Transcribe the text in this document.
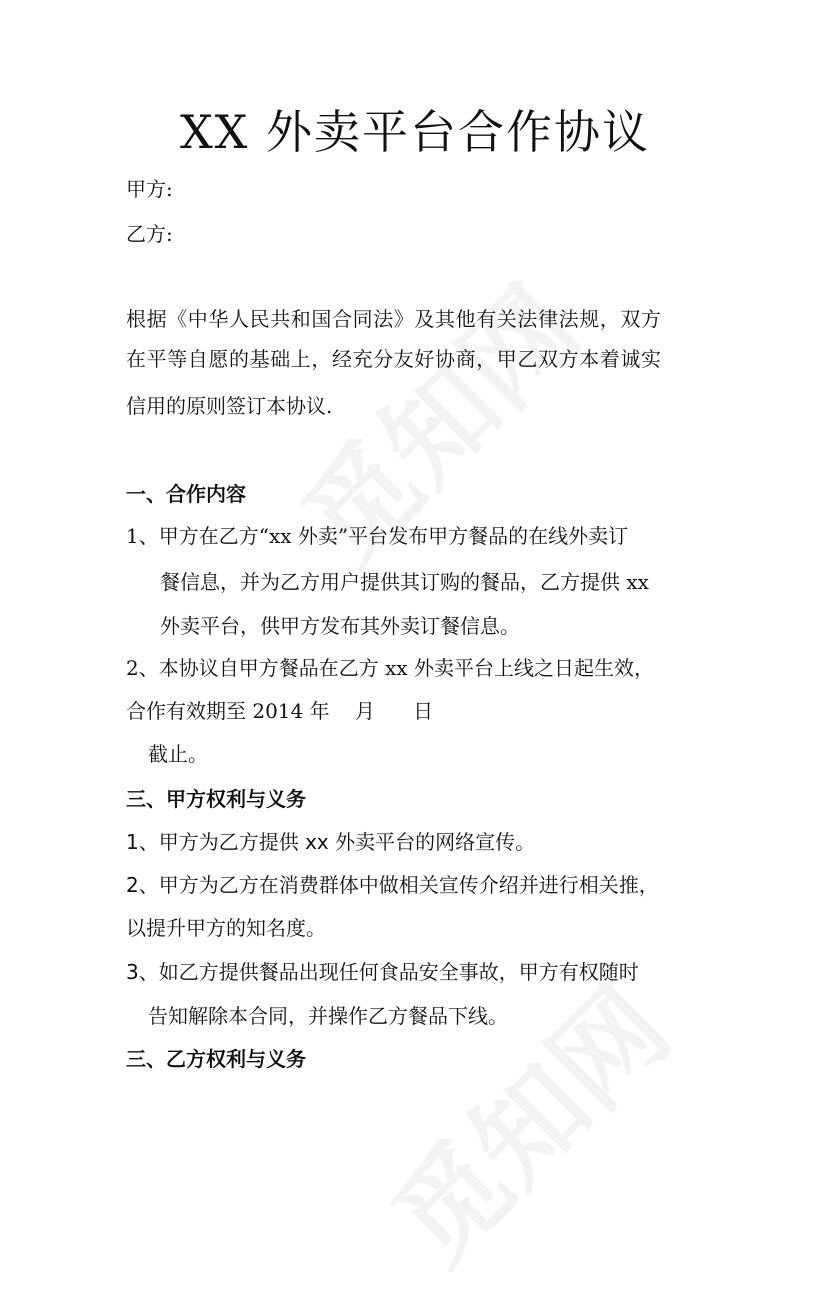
XX 外卖平台合作协议
甲方:
乙方:
根据《中华人民共和国合同法》及其他有关法律法规，双方
在平等自愿的基础上，经充分友好协商，甲乙双方本着诚实
信用的原则签订本协议.
一、合作内容
1、甲方在乙方“xx 外卖”平台发布甲方餐品的在线外卖订
餐信息，并为乙方用户提供其订购的餐品，乙方提供 xx
外卖平台，供甲方发布其外卖订餐信息。
2、本协议自甲方餐品在乙方 xx 外卖平台上线之日起生效，
合作有效期至 2014 年    月      日
截止。
三、甲方权利与义务
1、甲方为乙方提供 xx 外卖平台的网络宣传。
2、甲方为乙方在消费群体中做相关宣传介绍并进行相关推，
以提升甲方的知名度。
3、如乙方提供餐品出现任何食品安全事故，甲方有权随时
告知解除本合同，并操作乙方餐品下线。
三、乙方权利与义务
